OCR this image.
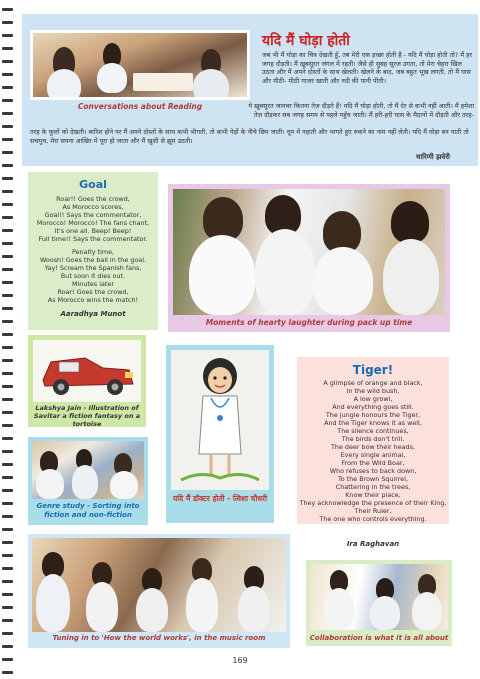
Conversations about Reading
यदि मैं घोड़ा होती
जब भी मैं घोड़ा का चित्र देखती हूँ, तब मेरी एक इच्छा होती है - यदि मैं घोड़ा होती तो? मैं हर जगह दौड़ती। मैं ख़ूबसूरत जंगल में रहती। जैसे ही सुबह सूरज उगता, तो मेरा चेहरा खिल उठता और मैं अपने दोस्तों के साथ खेलती। खेलने के बाद, जब बहुत भूख लगती, तो मैं घास और मीठी- मीठी गाजर खाती और नदी की पानी पीती।
ये ख़ूबसूरत जानवर कितना तेज़ दौड़ते हैं! यदि मैं घोड़ा होती, तो मैं देर से कभी नहीं आती। मैं हमेशा तेज़ दौड़कर सब जगह समय से पहले पहुँच जाती। मैं हरी-हरी घास के मैदानों में दौड़ती और तरह-
तरह के फूलों को देखती। बारिश होने पर मैं अपने दोस्तों के साथ कभी भीगती, तो कभी पेड़ों के नीचे छिप जाती। धूप में नहाती और भागते हुए रुकने का नाम नहीं लेती। यदि मैं घोड़ा बन पाती तो सचमुच, मेरा सपना आखिर में पूरा हो जाता और मैं खुशी से झूम उठती।
धारिणी झवेरी
Goal
Roar!! Goes the crowd,
As Morocco scores,
Goal!! Says the commentator,
Morocco! Morocco! The fans chant,
It's one all. Beep! Beep!
Full time!! Says the commentator.
Penalty time,
Woosh! Goes the ball in the goal.
Yay! Scream the Spanish fans,
But soon it dies out.
Minutes later
Roar! Goes the crowd,
As Morocco wins the match!
Aaradhya Munot
Moments of hearty laughter during pack up time
Lakshya Jain - Illustration of Savitar a fiction fantasy on a tortoise
यदि मैं डॉक्टर होती - त्विशा चौधरी
Tiger!
A glimpse of orange and black,
In the wild bush,
A low growl,
And everything goes still.
The jungle honours the Tiger,
And the Tiger knows it as well,
The silence continues,
The birds don't trill.
The deer bow their heads,
Every single animal,
From the Wild Boar,
Who refuses to back down,
To the Brown Squirrel,
Chattering in the trees,
Know their place,
They acknowledge the presence of their King,
Their Ruler,
The one who controls everything.
Ira Raghavan
Genre study - Sorting into fiction and non-fiction
Tuning in to 'How the world works', in the music room	Collaboration is what it is all about
169
